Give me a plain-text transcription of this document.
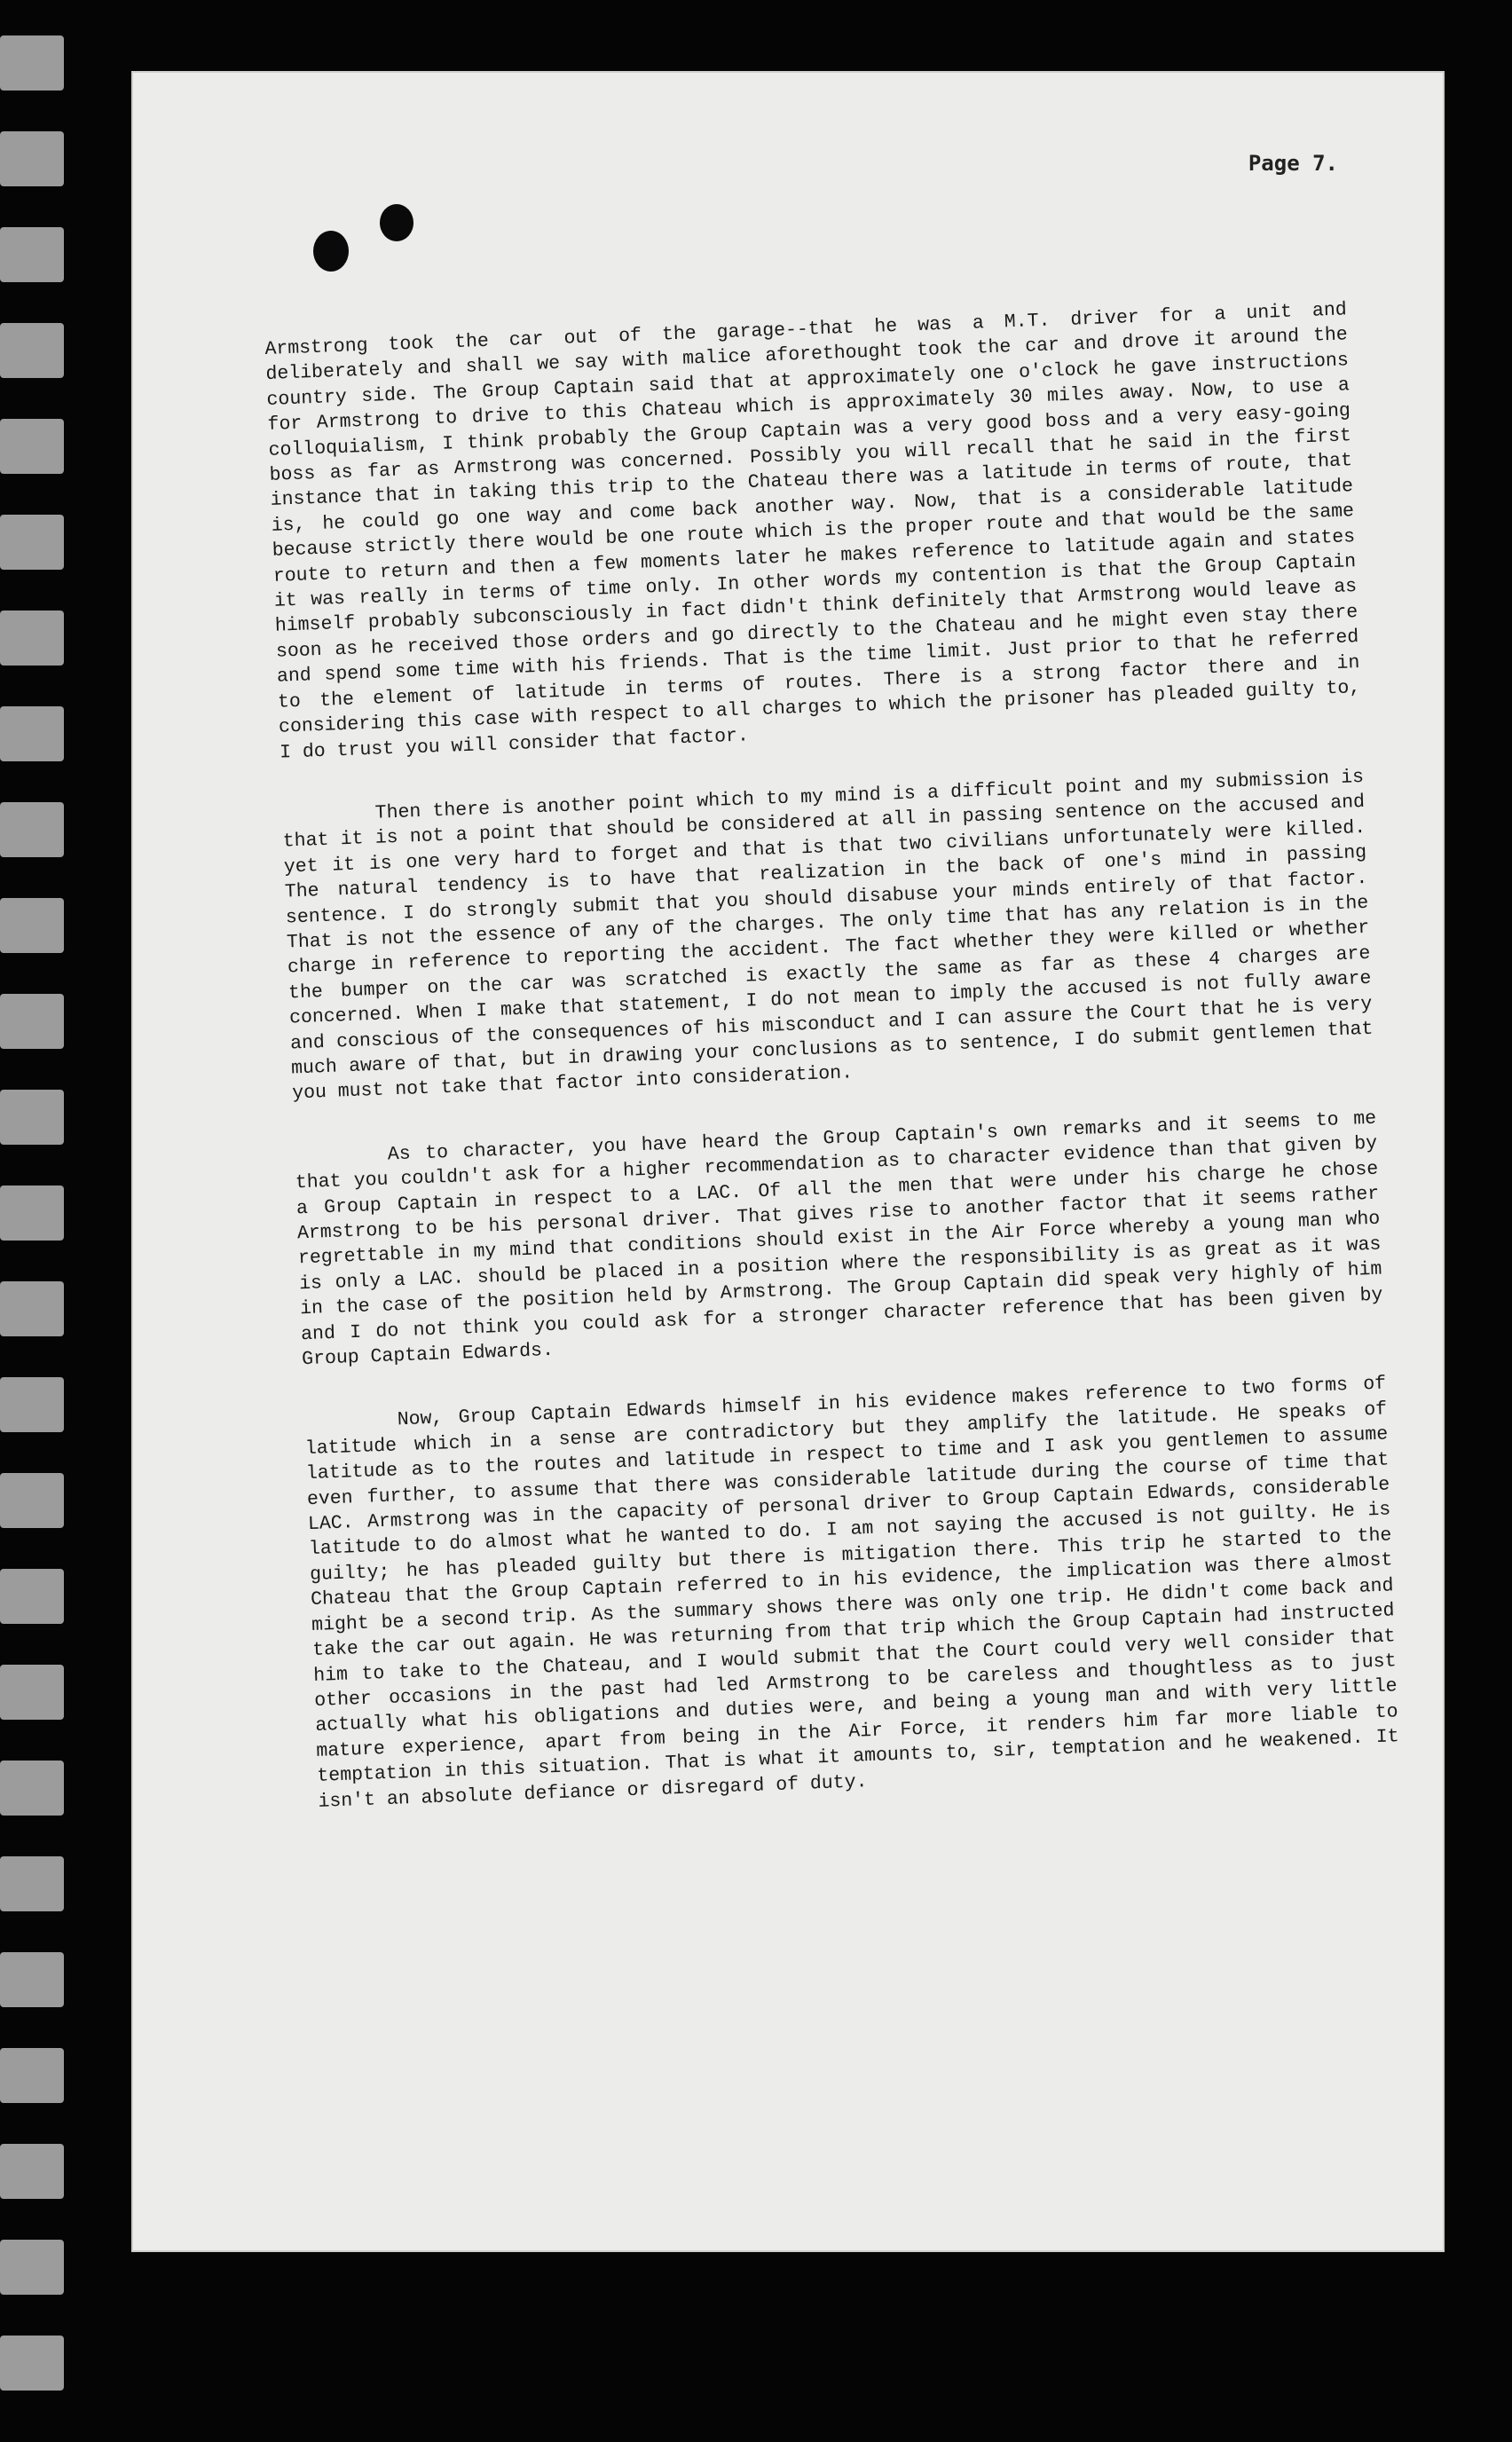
Page 7.

Armstrong took the car out of the garage--that he was a M.T. driver for a unit and deliberately and shall we say with malice aforethought took the car and drove it around the country side. The Group Captain said that at approximately one o'clock he gave instructions for Armstrong to drive to this Chateau which is approximately 30 miles away. Now, to use a colloquialism, I think probably the Group Captain was a very good boss and a very easy-going boss as far as Armstrong was concerned. Possibly you will recall that he said in the first instance that in taking this trip to the Chateau there was a latitude in terms of route, that is, he could go one way and come back another way. Now, that is a considerable latitude because strictly there would be one route which is the proper route and that would be the same route to return and then a few moments later he makes reference to latitude again and states it was really in terms of time only. In other words my contention is that the Group Captain himself probably subconsciously in fact didn't think definitely that Armstrong would leave as soon as he received those orders and go directly to the Chateau and he might even stay there and spend some time with his friends. That is the time limit. Just prior to that he referred to the element of latitude in terms of routes. There is a strong factor there and in considering this case with respect to all charges to which the prisoner has pleaded guilty to, I do trust you will consider that factor.

Then there is another point which to my mind is a difficult point and my submission is that it is not a point that should be considered at all in passing sentence on the accused and yet it is one very hard to forget and that is that two civilians unfortunately were killed. The natural tendency is to have that realization in the back of one's mind in passing sentence. I do strongly submit that you should disabuse your minds entirely of that factor. That is not the essence of any of the charges. The only time that has any relation is in the charge in reference to reporting the accident. The fact whether they were killed or whether the bumper on the car was scratched is exactly the same as far as these 4 charges are concerned. When I make that statement, I do not mean to imply the accused is not fully aware and conscious of the consequences of his misconduct and I can assure the Court that he is very much aware of that, but in drawing your conclusions as to sentence, I do submit gentlemen that you must not take that factor into consideration.

As to character, you have heard the Group Captain's own remarks and it seems to me that you couldn't ask for a higher recommendation as to character evidence than that given by a Group Captain in respect to a LAC. Of all the men that were under his charge he chose Armstrong to be his personal driver. That gives rise to another factor that it seems rather regrettable in my mind that conditions should exist in the Air Force whereby a young man who is only a LAC. should be placed in a position where the responsibility is as great as it was in the case of the position held by Armstrong. The Group Captain did speak very highly of him and I do not think you could ask for a stronger character reference that has been given by Group Captain Edwards.

Now, Group Captain Edwards himself in his evidence makes reference to two forms of latitude which in a sense are contradictory but they amplify the latitude. He speaks of latitude as to the routes and latitude in respect to time and I ask you gentlemen to assume even further, to assume that there was considerable latitude during the course of time that LAC. Armstrong was in the capacity of personal driver to Group Captain Edwards, considerable latitude to do almost what he wanted to do. I am not saying the accused is not guilty. He is guilty; he has pleaded guilty but there is mitigation there. This trip he started to the Chateau that the Group Captain referred to in his evidence, the implication was there almost might be a second trip. As the summary shows there was only one trip. He didn't come back and take the car out again. He was returning from that trip which the Group Captain had instructed him to take to the Chateau, and I would submit that the Court could very well consider that other occasions in the past had led Armstrong to be careless and thoughtless as to just actually what his obligations and duties were, and being a young man and with very little mature experience, apart from being in the Air Force, it renders him far more liable to temptation in this situation. That is what it amounts to, sir, temptation and he weakened. It isn't an absolute defiance or disregard of duty.
